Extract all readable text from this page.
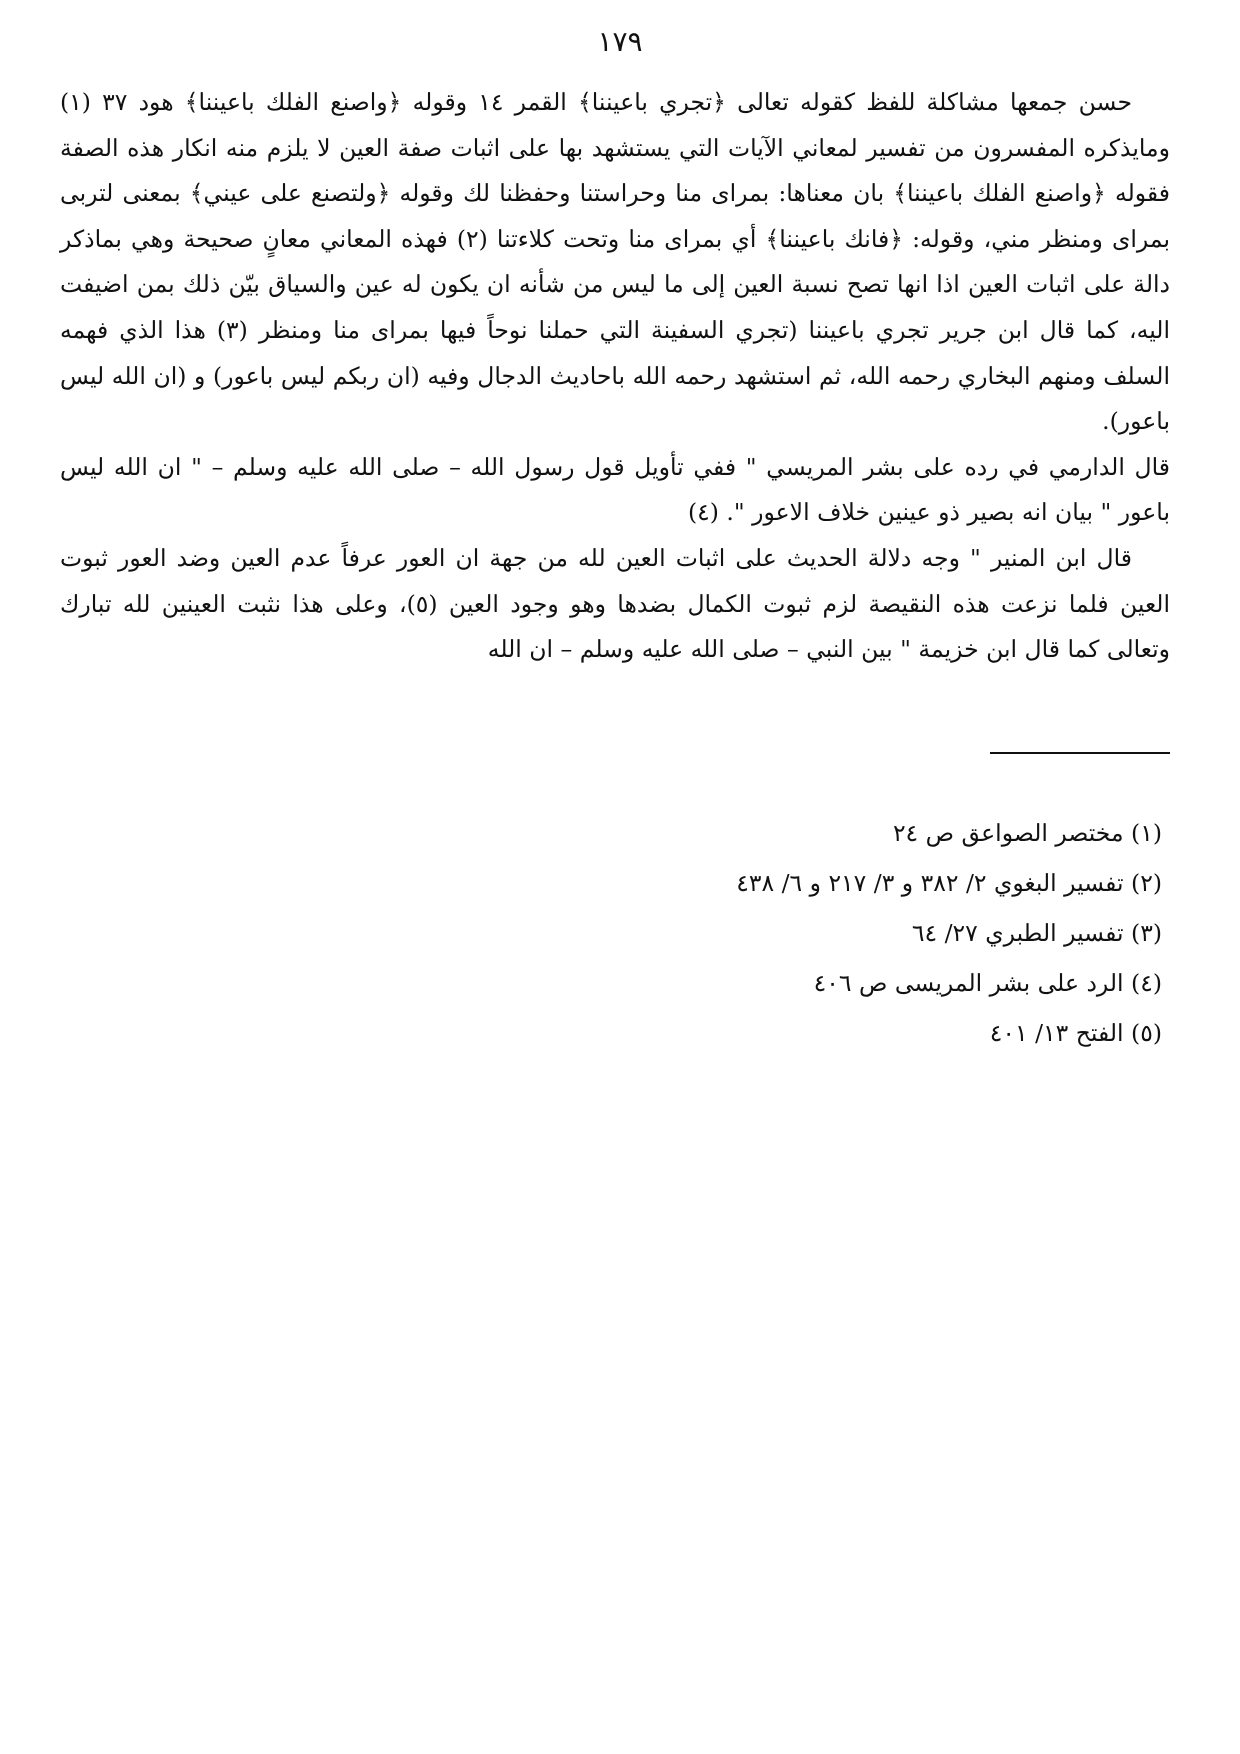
١٧٩

حسن جمعها مشاكلة للفظ كقوله تعالى ﴿تجري باعيننا﴾ القمر ١٤ وقوله ﴿واصنع الفلك باعيننا﴾ هود ٣٧ (١) ومايذكره المفسرون من تفسير لمعاني الآيات التي يستشهد بها على اثبات صفة العين لا يلزم منه انكار هذه الصفة فقوله ﴿واصنع الفلك باعيننا﴾ بان معناها: بمرای منا وحراستنا وحفظنا لك وقوله ﴿ولتصنع على عيني﴾ بمعنى لتربى بمرای ومنظر مني، وقوله: ﴿فانك باعيننا﴾ أي بمرای منا وتحت كلاءتنا (٢) فهذه المعاني معانٍ صحيحة وهي بماذكر دالة على اثبات العين اذا انها تصح نسبة العين إلى ما ليس من شأنه ان يكون له عين والسياق بيّن ذلك بمن اضيفت اليه، كما قال ابن جرير تجري باعيننا (تجري السفينة التي حملنا نوحاً فيها بمرای منا ومنظر (٣) هذا الذي فهمه السلف ومنهم البخاري رحمه الله، ثم استشهد رحمه الله باحاديث الدجال وفيه (ان ربكم ليس باعور) و (ان الله ليس باعور).

قال الدارمي في رده على بشر المريسي " ففي تأويل قول رسول الله – صلى الله عليه وسلم – " ان الله ليس باعور " بيان انه بصير ذو عينين خلاف الاعور ". (٤)

قال ابن المنير " وجه دلالة الحديث على اثبات العين لله من جهة ان العور عرفاً عدم العين وضد العور ثبوت العين فلما نزعت هذه النقيصة لزم ثبوت الكمال بضدها وهو وجود العين (٥)، وعلى هذا نثبت العينين لله تبارك وتعالى كما قال ابن خزيمة " بين النبي – صلى الله عليه وسلم – ان الله

(١) مختصر الصواعق ص ٢٤

(٢) تفسير البغوي ٢/ ٣٨٢ و ٣/ ٢١٧ و ٦/ ٤٣٨

(٣) تفسير الطبري ٢٧/ ٦٤

(٤) الرد على بشر المريسى ص ٤٠٦

(٥) الفتح ١٣/ ٤٠١
